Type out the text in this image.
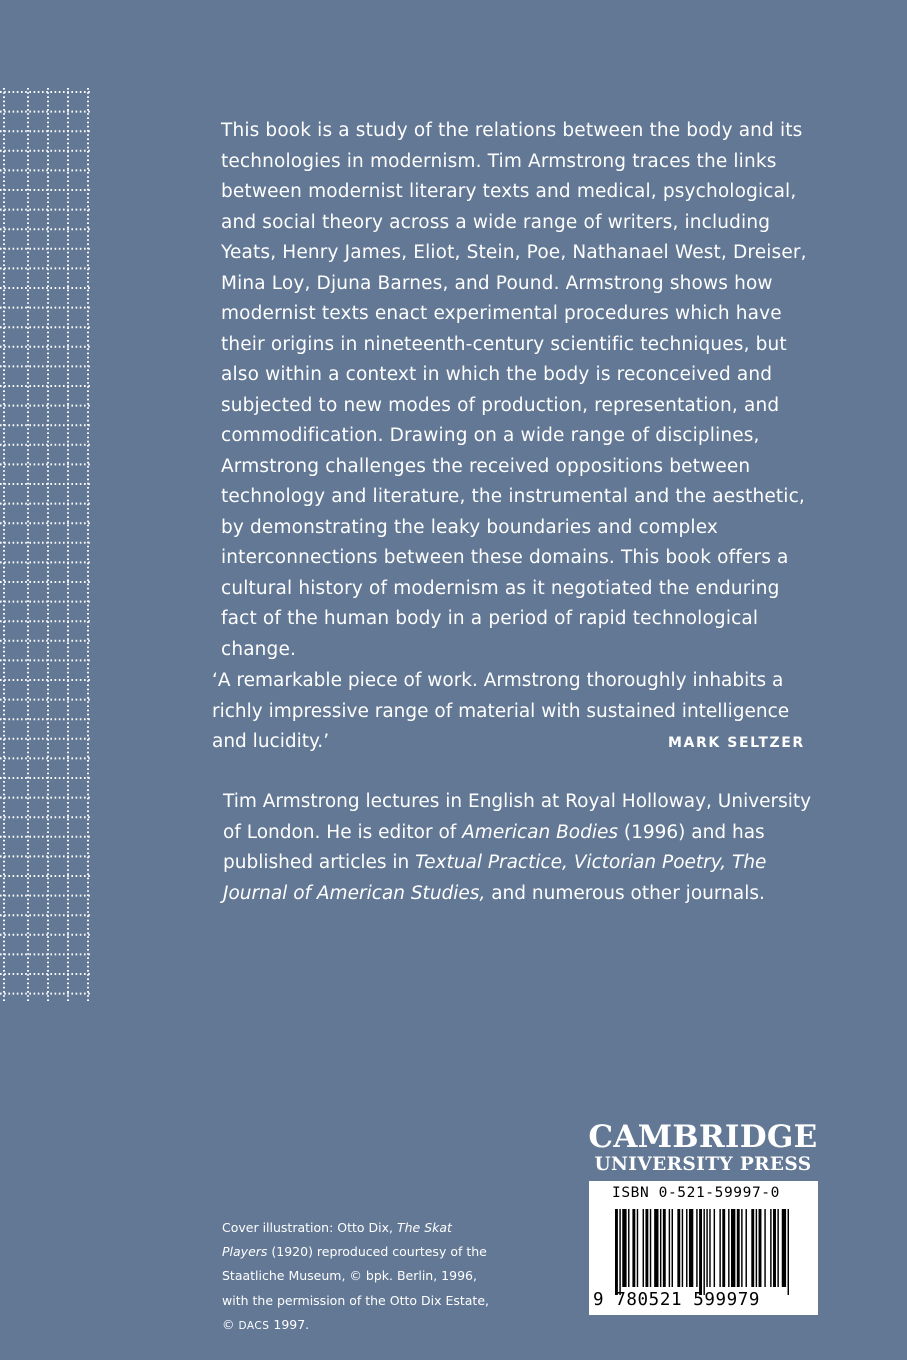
This book is a study of the relations between the body and its technologies in modernism. Tim Armstrong traces the links between modernist literary texts and medical, psychological, and social theory across a wide range of writers, including Yeats, Henry James, Eliot, Stein, Poe, Nathanael West, Dreiser, Mina Loy, Djuna Barnes, and Pound. Armstrong shows how modernist texts enact experimental procedures which have their origins in nineteenth-century scientific techniques, but also within a context in which the body is reconceived and subjected to new modes of production, representation, and commodification. Drawing on a wide range of disciplines, Armstrong challenges the received oppositions between technology and literature, the instrumental and the aesthetic, by demonstrating the leaky boundaries and complex interconnections between these domains. This book offers a cultural history of modernism as it negotiated the enduring fact of the human body in a period of rapid technological change.

‘A remarkable piece of work. Armstrong thoroughly inhabits a richly impressive range of material with sustained intelligence and lucidity.’	MARK SELTZER

Tim Armstrong lectures in English at Royal Holloway, University of London. He is editor of American Bodies (1996) and has published articles in Textual Practice, Victorian Poetry, The Journal of American Studies, and numerous other journals.

Cover illustration: Otto Dix, The Skat Players (1920) reproduced courtesy of the Staatliche Museum, © bpk. Berlin, 1996, with the permission of the Otto Dix Estate, © DACS 1997.

CAMBRIDGE
UNIVERSITY PRESS
ISBN 0-521-59997-0
9 780521 599979
